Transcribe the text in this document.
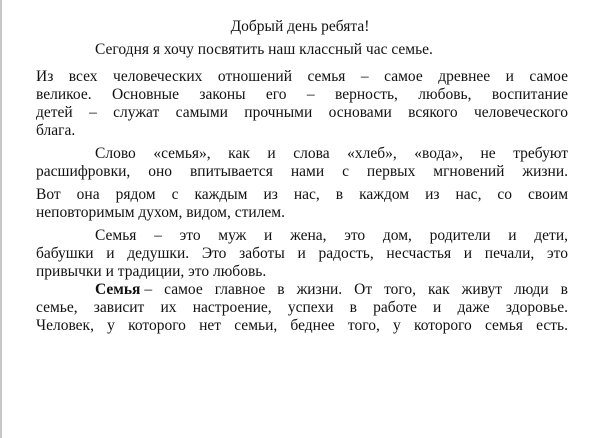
Добрый день ребята!
Сегодня я хочу посвятить наш классный час семье.
Из всех человеческих отношений семья – самое древнее и самое
великое. Основные законы его – верность, любовь, воспитание
детей – служат самыми прочными основами всякого человеческого
блага.
Слово «семья», как и слова «хлеб», «вода», не требуют
расшифровки, оно впитывается нами с первых мгновений жизни.
Вот она рядом с каждым из нас, в каждом из нас, со своим
неповторимым духом, видом, стилем.
Семья – это муж и жена, это дом, родители и дети,
бабушки и дедушки. Это заботы и радость, несчастья и печали, это
привычки и традиции, это любовь.
Семья – самое главное в жизни. От того, как живут люди в
семье, зависит их настроение, успехи в работе и даже здоровье.
Человек, у которого нет семьи, беднее того, у которого семья есть.
